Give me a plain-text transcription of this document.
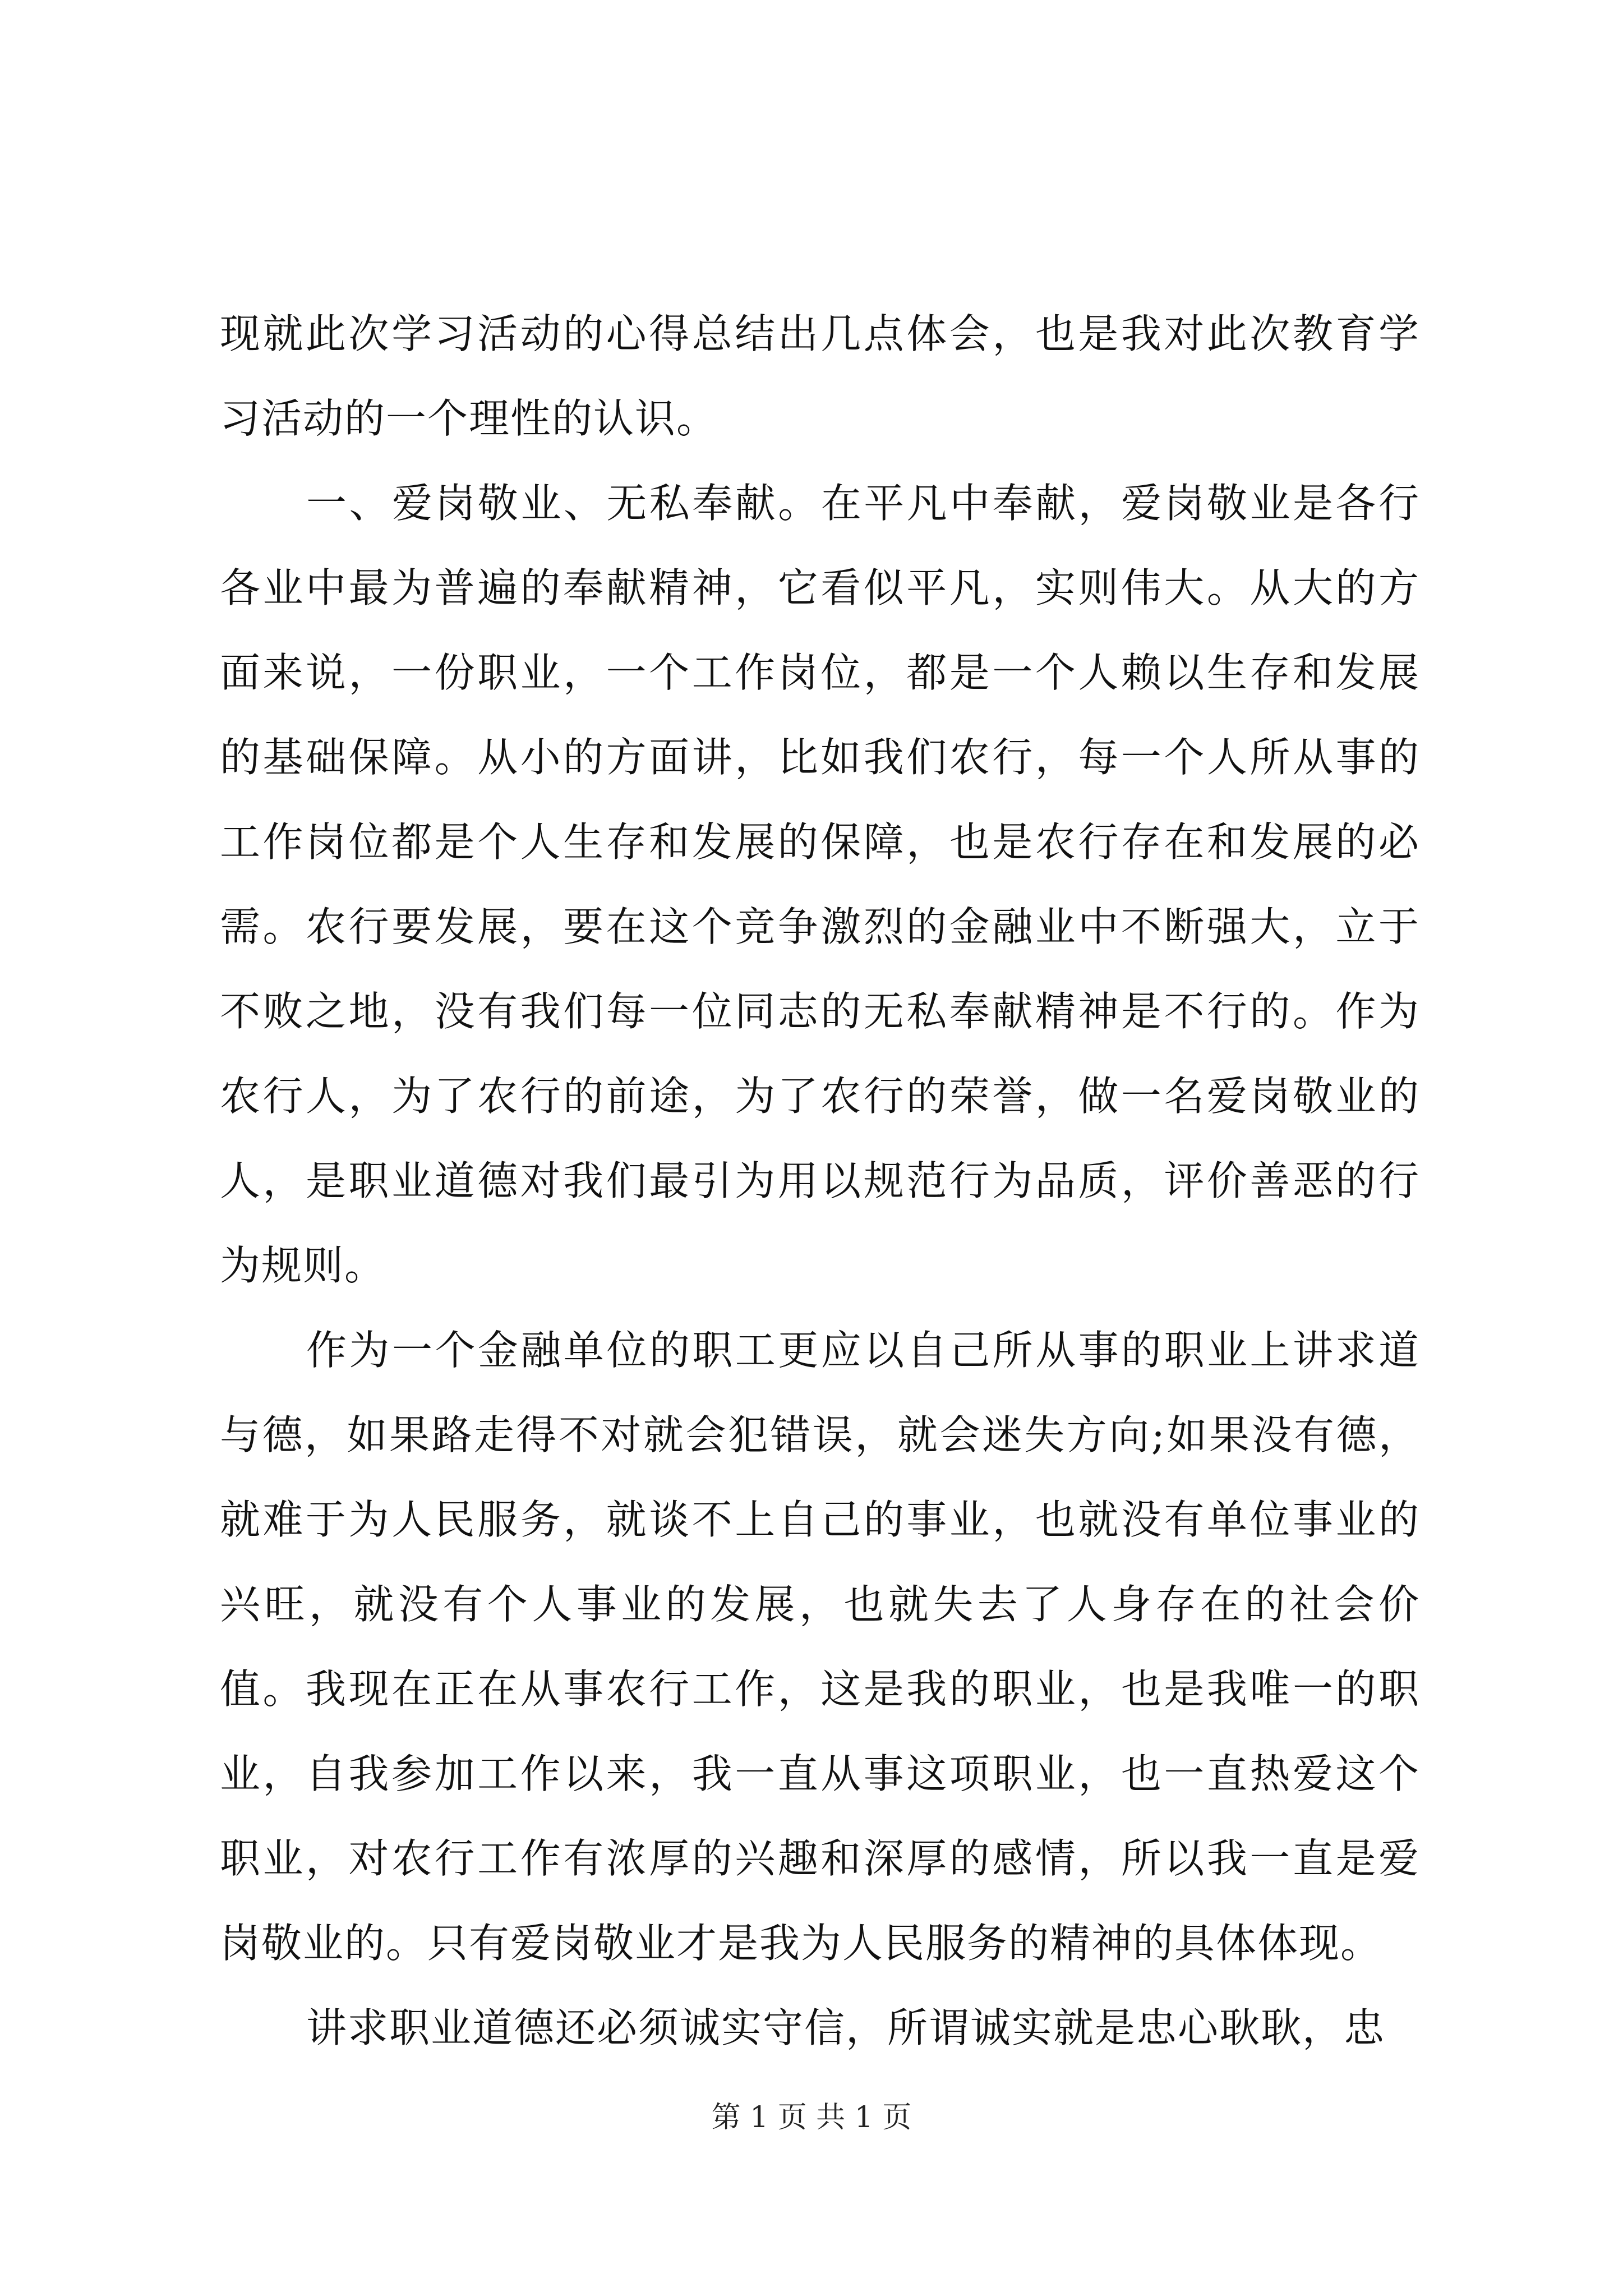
现就此次学习活动的心得总结出几点体会，也是我对此次教育学习活动的一个理性的认识。

一、爱岗敬业、无私奉献。在平凡中奉献，爱岗敬业是各行各业中最为普遍的奉献精神，它看似平凡，实则伟大。从大的方面来说，一份职业，一个工作岗位，都是一个人赖以生存和发展的基础保障。从小的方面讲，比如我们农行，每一个人所从事的工作岗位都是个人生存和发展的保障，也是农行存在和发展的必需。农行要发展，要在这个竞争激烈的金融业中不断强大，立于不败之地，没有我们每一位同志的无私奉献精神是不行的。作为农行人，为了农行的前途，为了农行的荣誉，做一名爱岗敬业的人，是职业道德对我们最引为用以规范行为品质，评价善恶的行为规则。

作为一个金融单位的职工更应以自己所从事的职业上讲求道与德，如果路走得不对就会犯错误，就会迷失方向;如果没有德，就难于为人民服务，就谈不上自己的事业，也就没有单位事业的兴旺，就没有个人事业的发展，也就失去了人身存在的社会价值。我现在正在从事农行工作，这是我的职业，也是我唯一的职业，自我参加工作以来，我一直从事这项职业，也一直热爱这个职业，对农行工作有浓厚的兴趣和深厚的感情，所以我一直是爱岗敬业的。只有爱岗敬业才是我为人民服务的精神的具体体现。

讲求职业道德还必须诚实守信，所谓诚实就是忠心耿耿，忠

第 1 页 共 1 页
